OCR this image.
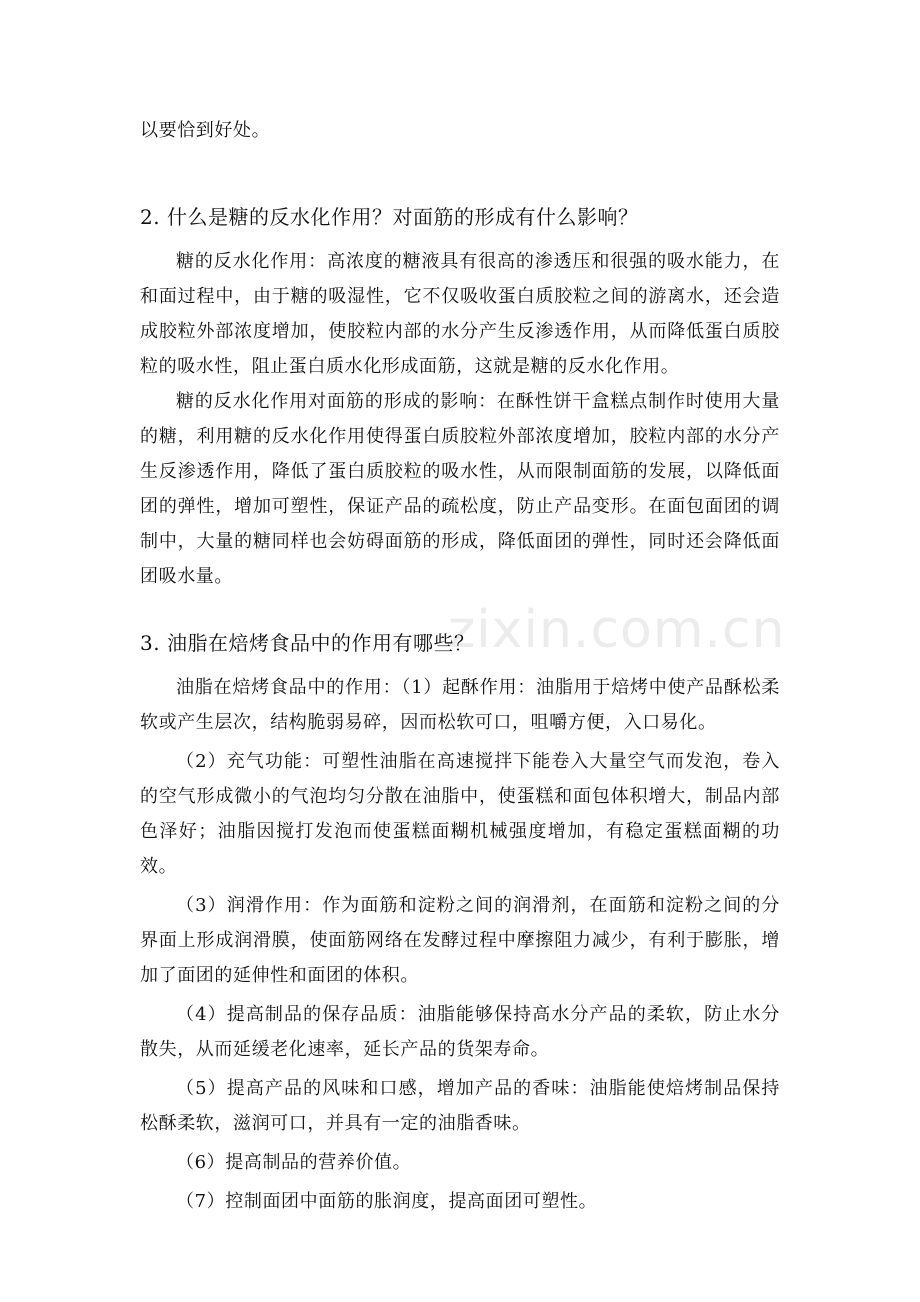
zixin.com.cn

以要恰到好处。

2. 什么是糖的反水化作用？对面筋的形成有什么影响？

糖的反水化作用：高浓度的糖液具有很高的渗透压和很强的吸水能力，在和面过程中，由于糖的吸湿性，它不仅吸收蛋白质胶粒之间的游离水，还会造成胶粒外部浓度增加，使胶粒内部的水分产生反渗透作用，从而降低蛋白质胶粒的吸水性，阻止蛋白质水化形成面筋，这就是糖的反水化作用。

糖的反水化作用对面筋的形成的影响：在酥性饼干盒糕点制作时使用大量的糖，利用糖的反水化作用使得蛋白质胶粒外部浓度增加，胶粒内部的水分产生反渗透作用，降低了蛋白质胶粒的吸水性，从而限制面筋的发展，以降低面团的弹性，增加可塑性，保证产品的疏松度，防止产品变形。在面包面团的调制中，大量的糖同样也会妨碍面筋的形成，降低面团的弹性，同时还会降低面团吸水量。

3. 油脂在焙烤食品中的作用有哪些？

油脂在焙烤食品中的作用：（1）起酥作用：油脂用于焙烤中使产品酥松柔软或产生层次，结构脆弱易碎，因而松软可口，咀嚼方便，入口易化。

（2）充气功能：可塑性油脂在高速搅拌下能卷入大量空气而发泡，卷入的空气形成微小的气泡均匀分散在油脂中，使蛋糕和面包体积增大，制品内部色泽好；油脂因搅打发泡而使蛋糕面糊机械强度增加，有稳定蛋糕面糊的功效。

（3）润滑作用：作为面筋和淀粉之间的润滑剂，在面筋和淀粉之间的分界面上形成润滑膜，使面筋网络在发酵过程中摩擦阻力减少，有利于膨胀，增加了面团的延伸性和面团的体积。

（4）提高制品的保存品质：油脂能够保持高水分产品的柔软，防止水分散失，从而延缓老化速率，延长产品的货架寿命。

（5）提高产品的风味和口感，增加产品的香味：油脂能使焙烤制品保持松酥柔软，滋润可口，并具有一定的油脂香味。

（6）提高制品的营养价值。

（7）控制面团中面筋的胀润度，提高面团可塑性。
